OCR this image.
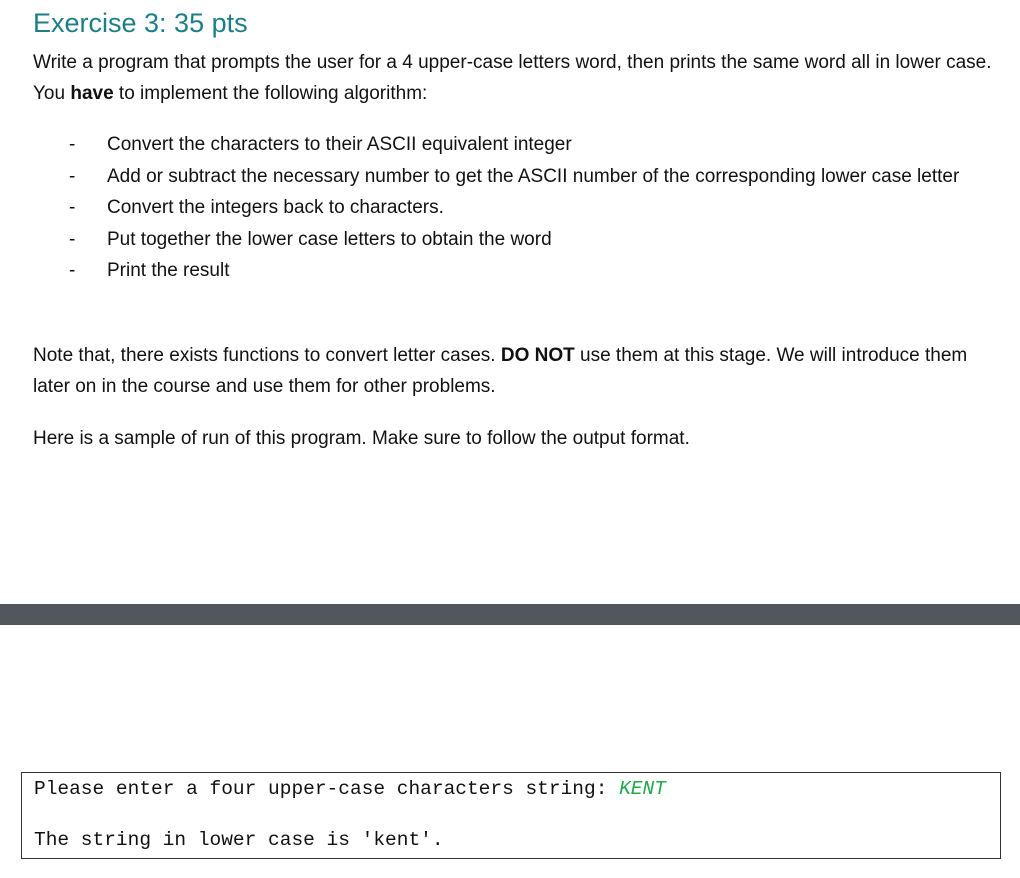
Exercise 3: 35 pts
Write a program that prompts the user for a 4 upper-case letters word, then prints the same word all in lower case. You have to implement the following algorithm:
- Convert the characters to their ASCII equivalent integer
- Add or subtract the necessary number to get the ASCII number of the corresponding lower case letter
- Convert the integers back to characters.
- Put together the lower case letters to obtain the word
- Print the result
Note that, there exists functions to convert letter cases. DO NOT use them at this stage. We will introduce them later on in the course and use them for other problems.
Here is a sample of run of this program. Make sure to follow the output format.
Please enter a four upper-case characters string: KENT
The string in lower case is 'kent'.
